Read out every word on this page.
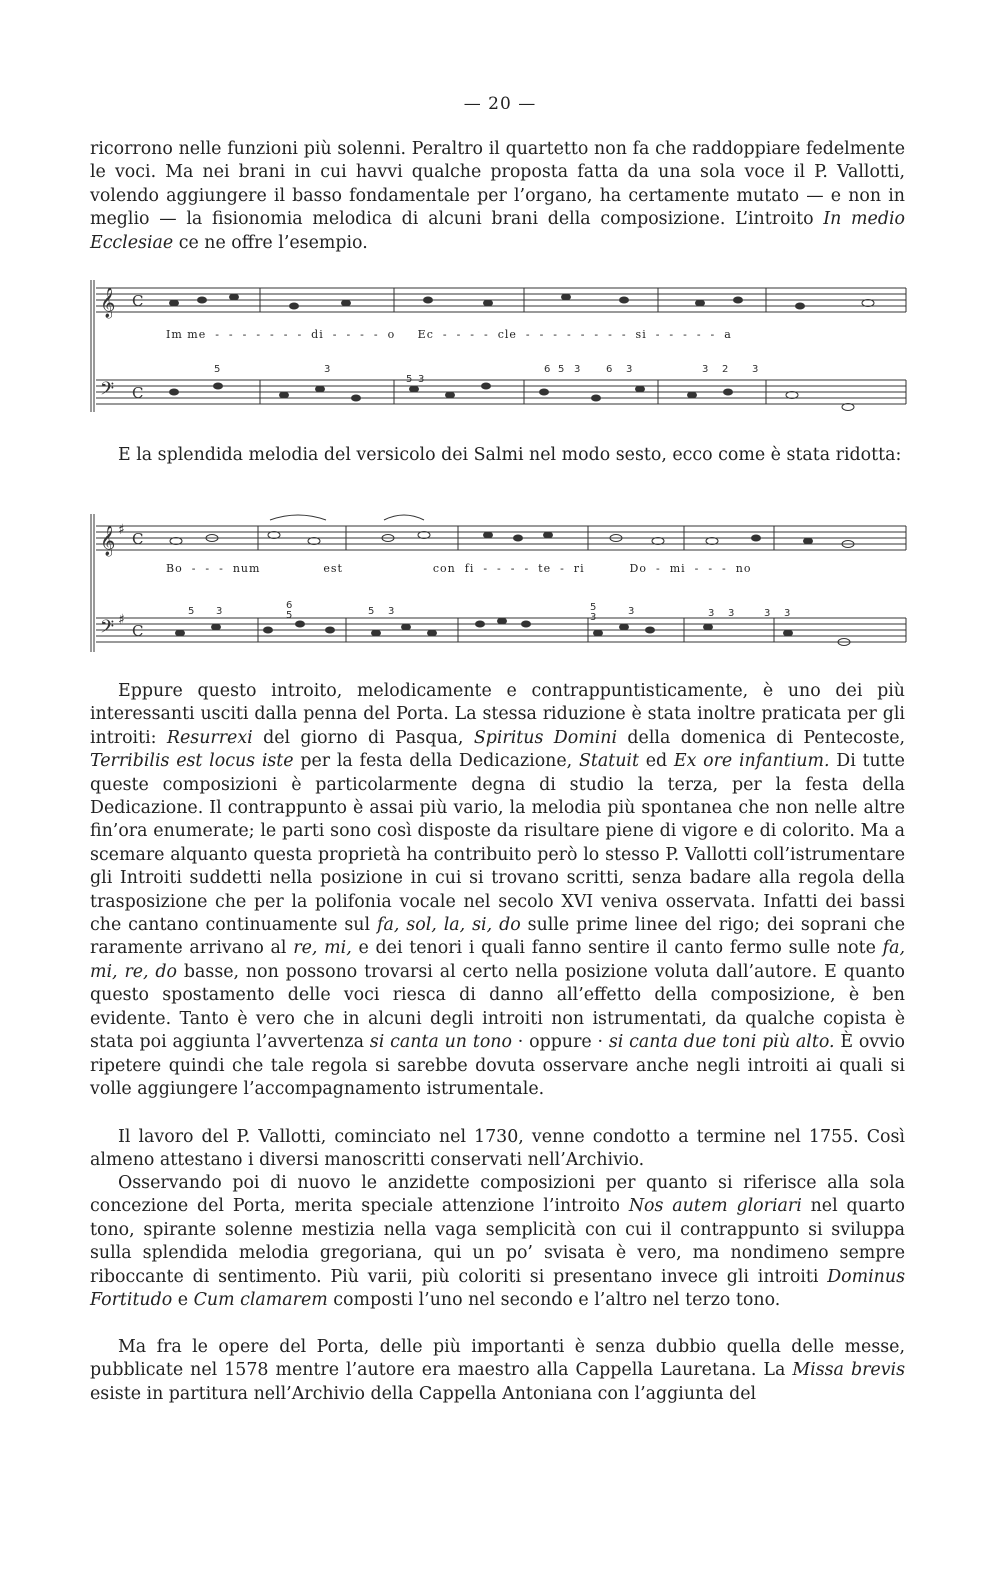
— 20 —

ricorrono nelle funzioni più solenni. Peraltro il quartetto non fa che raddoppiare fedelmente le voci. Ma nei brani in cui havvi qualche proposta fatta da una sola voce il P. Vallotti, volendo aggiungere il basso fondamentale per l’organo, ha certamente mutato — e non in meglio — la fisionomia melodica di alcuni brani della composizione. L’introito In medio Ecclesiae ce ne offre l’esempio.

𝄞 C
𝄢 C
5	3
5 3
6 5 3	6 3	3 2 3
Im me  -  -  -  -  -  -  -  di  -  -  -  -  o     Ec  -  -  -  -  cle  -  -  -  -  -  -  -  -  si  -  -  -  -  -  a

E la splendida melodia del versicolo dei Salmi nel modo sesto, ecco come è stata ridotta:

𝄞 ♯ C
𝄢 ♯
C
5 3
6
5	5 3	5
3
3	3 3	3 3
Bo  -  -  -  num              est                    con  fi  -  -  -  -  te  -  ri          Do  -  mi  -  -  -  no

Eppure questo introito, melodicamente e contrappuntisticamente, è uno dei più interessanti usciti dalla penna del Porta. La stessa riduzione è stata inoltre praticata per gli introiti: Resurrexi del giorno di Pasqua, Spiritus Domini della domenica di Pentecoste, Terribilis est locus iste per la festa della Dedicazione, Statuit ed Ex ore infantium. Di tutte queste composizioni è particolarmente degna di studio la terza, per la festa della Dedicazione. Il contrappunto è assai più vario, la melodia più spontanea che non nelle altre fin’ora enumerate; le parti sono così disposte da risultare piene di vigore e di colorito. Ma a scemare alquanto questa proprietà ha contribuito però lo stesso P. Vallotti coll’istrumentare gli Introiti suddetti nella posizione in cui si trovano scritti, senza badare alla regola della trasposizione che per la polifonia vocale nel secolo XVI veniva osservata. Infatti dei bassi che cantano continuamente sul fa, sol, la, si, do sulle prime linee del rigo; dei soprani che raramente arrivano al re, mi, e dei tenori i quali fanno sentire il canto fermo sulle note fa, mi, re, do basse, non possono trovarsi al certo nella posizione voluta dall’autore. E quanto questo spostamento delle voci riesca di danno all’effetto della composizione, è ben evidente. Tanto è vero che in alcuni degli introiti non istrumentati, da qualche copista è stata poi aggiunta l’avvertenza si canta un tono · oppure · si canta due toni più alto. È ovvio ripetere quindi che tale regola si sarebbe dovuta osservare anche negli introiti ai quali si volle aggiungere l’accompagnamento istrumentale.

Il lavoro del P. Vallotti, cominciato nel 1730, venne condotto a termine nel 1755. Così almeno attestano i diversi manoscritti conservati nell’Archivio.

Osservando poi di nuovo le anzidette composizioni per quanto si riferisce alla sola concezione del Porta, merita speciale attenzione l’introito Nos autem gloriari nel quarto tono, spirante solenne mestizia nella vaga semplicità con cui il contrappunto si sviluppa sulla splendida melodia gregoriana, qui un po’ svisata è vero, ma nondimeno sempre riboccante di sentimento. Più varii, più coloriti si presentano invece gli introiti Dominus Fortitudo e Cum clamarem composti l’uno nel secondo e l’altro nel terzo tono.

Ma fra le opere del Porta, delle più importanti è senza dubbio quella delle messe, pubblicate nel 1578 mentre l’autore era maestro alla Cappella Lauretana. La Missa brevis esiste in partitura nell’Archivio della Cappella Antoniana con l’aggiunta del
